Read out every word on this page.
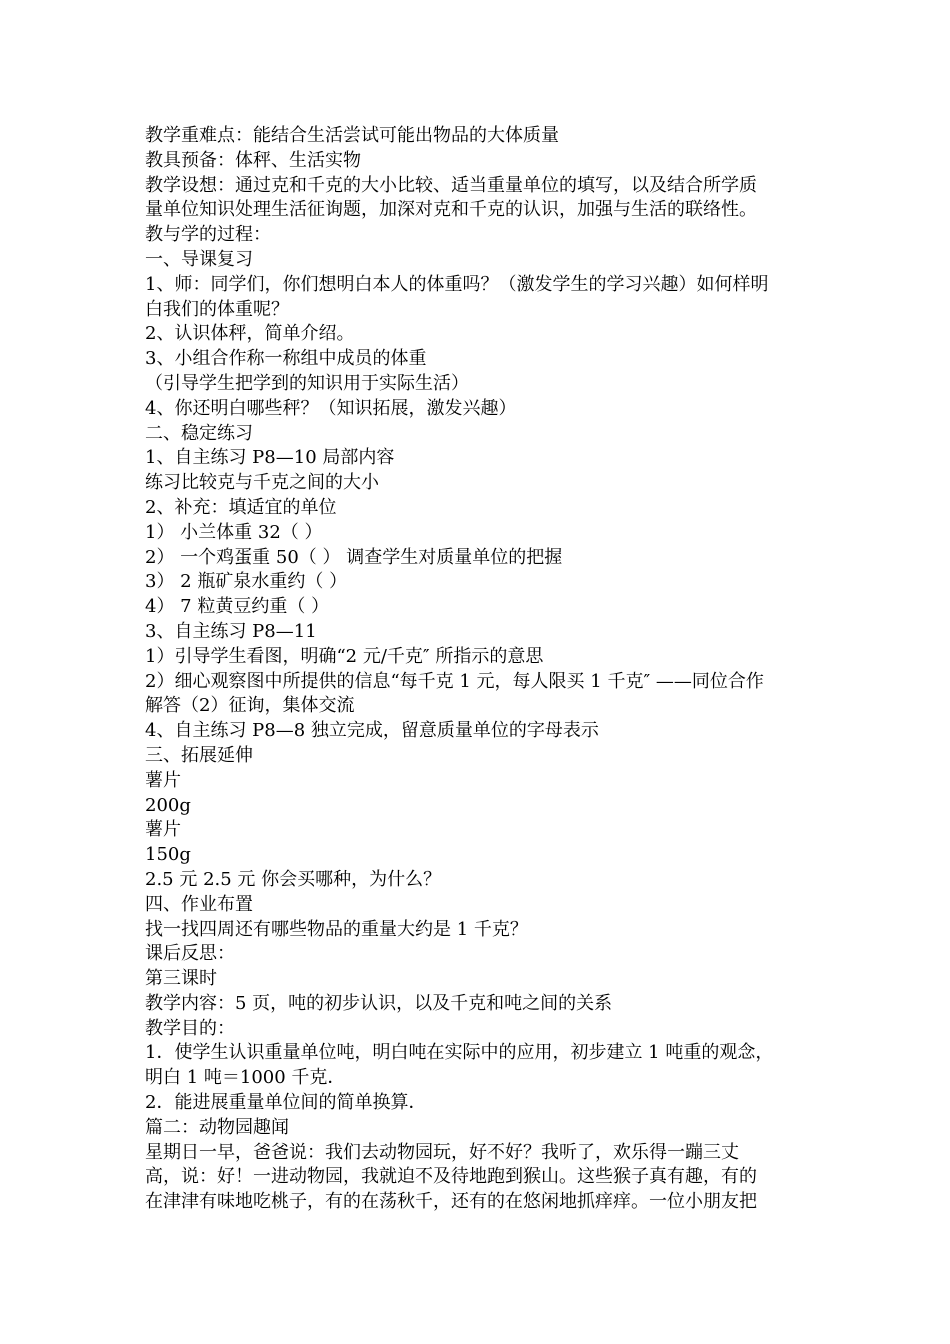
教学重难点：能结合生活尝试可能出物品的大体质量
教具预备：体秤、生活实物
教学设想：通过克和千克的大小比较、适当重量单位的填写，以及结合所学质
量单位知识处理生活征询题，加深对克和千克的认识，加强与生活的联络性。
教与学的过程：
一、导课复习
1、师：同学们，你们想明白本人的体重吗？（激发学生的学习兴趣）如何样明
白我们的体重呢？
2、认识体秤，简单介绍。
3、小组合作称一称组中成员的体重
（引导学生把学到的知识用于实际生活）
4、你还明白哪些秤？（知识拓展，激发兴趣）
二、稳定练习
1、自主练习 P8—10 局部内容
练习比较克与千克之间的大小
2、补充：填适宜的单位
1） 小兰体重 32（ ）
2） 一个鸡蛋重 50（ ） 调查学生对质量单位的把握
3） 2 瓶矿泉水重约（ ）
4） 7 粒黄豆约重（ ）
3、自主练习 P8—11
1）引导学生看图，明确“2 元/千克″ 所指示的意思
2）细心观察图中所提供的信息“每千克 1 元，每人限买 1 千克″ ——同位合作
解答（2）征询，集体交流
4、自主练习 P8—8 独立完成，留意质量单位的字母表示
三、拓展延伸
薯片
200g
薯片
150g
2.5 元 2.5 元 你会买哪种，为什么？
四、作业布置
找一找四周还有哪些物品的重量大约是 1 千克？
课后反思：
第三课时
教学内容：5 页，吨的初步认识，以及千克和吨之间的关系
教学目的：
1．使学生认识重量单位吨，明白吨在实际中的应用，初步建立 1 吨重的观念，
明白 1 吨＝1000 千克．
2．能进展重量单位间的简单换算．
篇二：动物园趣闻
星期日一早，爸爸说：我们去动物园玩，好不好？我听了，欢乐得一蹦三丈
高，说：好！一进动物园，我就迫不及待地跑到猴山。这些猴子真有趣，有的
在津津有味地吃桃子，有的在荡秋千，还有的在悠闲地抓痒痒。一位小朋友把
